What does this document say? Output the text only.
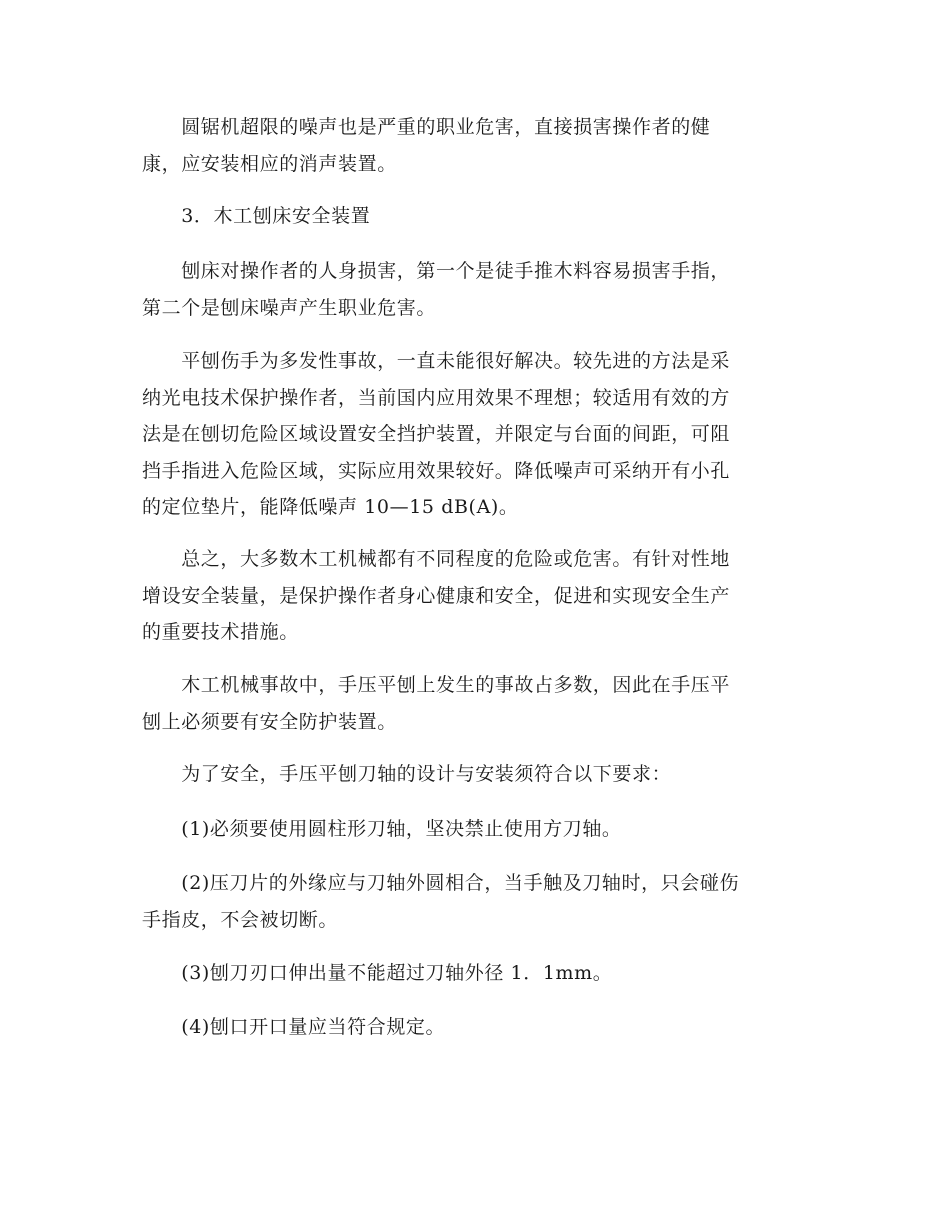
　　圆锯机超限的噪声也是严重的职业危害，直接损害操作者的健
康，应安装相应的消声装置。

　　3．木工刨床安全装置

　　刨床对操作者的人身损害，第一个是徒手推木料容易损害手指，
第二个是刨床噪声产生职业危害。

　　平刨伤手为多发性事故，一直未能很好解决。较先进的方法是采
纳光电技术保护操作者，当前国内应用效果不理想；较适用有效的方
法是在刨切危险区域设置安全挡护装置，并限定与台面的间距，可阻
挡手指进入危险区域，实际应用效果较好。降低噪声可采纳开有小孔
的定位垫片，能降低噪声 10—15 dB(A)。

　　总之，大多数木工机械都有不同程度的危险或危害。有针对性地
增设安全装量，是保护操作者身心健康和安全，促进和实现安全生产
的重要技术措施。

　　木工机械事故中，手压平刨上发生的事故占多数，因此在手压平
刨上必须要有安全防护装置。

　　为了安全，手压平刨刀轴的设计与安装须符合以下要求：

　　(1)必须要使用圆柱形刀轴，坚决禁止使用方刀轴。

　　(2)压刀片的外缘应与刀轴外圆相合，当手触及刀轴时，只会碰伤
手指皮，不会被切断。

　　(3)刨刀刃口伸出量不能超过刀轴外径 1．1mm。

　　(4)刨口开口量应当符合规定。
